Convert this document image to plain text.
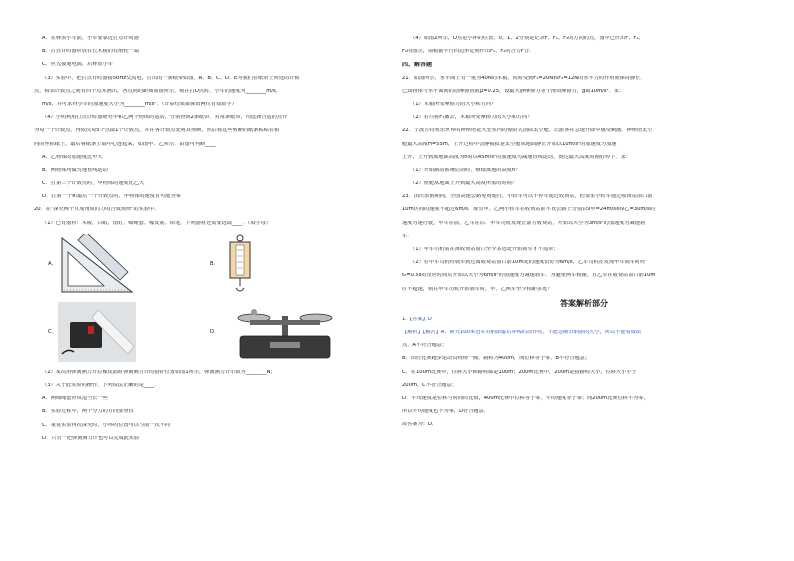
A．在释放小车前，小车要靠近打点计时器
B．打点计时器应放在长木板的有滑轮一端
C．应先接通电源，后释放小车
（3）实验中，把打点计时器接50Hz交流电，打出的一条纸带如图，A、B、C、D、E为我们在纸带上所选的计数
点，相邻计数点之间有四个点未画出，各点间的距离如图所示，则在打D点时，小车的速度为________m/s，
m/s，并可求得小车的加速度大小为________m/s²．（计算结果都保留两位有效数字）
（4）小明利用打点计时器研究甲和乙两个物体的运动，分别得到2条纸带．对每条纸带，均选择合适的点作
为每一个计数点，再依次每5个点取1个计数点，并在各计数点处将其剪断，然后将这些剪断的纸条粘贴在相
同的坐标纸上，最后将纸条上端中心连起来，如图甲、乙所示．由图可判断____
A．乙物体的加速度比甲大
B．两物体均做匀速直线运动
C．打第三个计数点时，甲物体的速度比乙大
D．打第一个和最后一个计数点时，甲物体的速度有可能为零
20．在"探究两个互成角度的力的合成规律"的实验中．
（1）已有器材：木板、白纸、图钉、细绳套、橡皮筋、铅笔，下列器材还需要选取____．（填字母）
A．	B．
C．	D．
（2）某次用弹簧测力计拉橡皮筋时弹簧测力计的指针位置如图1所示，弹簧测力计示数为________N；
（3）关于此实验的操作，下列说法正确的是____．
A．两细绳套应该适当长一些
B．实验过程中，两个分力的方向要垂直
C．重复实验再次探究时，小环的位置可以与前一次不同
D．只有一把弹簧测力计也可以完成此实验
（4）如图2所示，O点是小环的位置，0、1、2分别是记录F、F₁、F₂的方向的点，图中已作出F、F₁、
F₂的图示，请根据平行四边形定则作出F₁、F₂的合力F合．
四、解答题
21．如图所示，水平面上有一重为40N的木箱，同时受到F₁=20N和F₂=12N的水平力的作用而保持静止．
已知物体与水平面间的动摩擦因数μ=0.25，设最大静摩擦力等于滑动摩擦力，g取10m/s²．求：
（1）木箱所受摩擦力的大小和方向？
（2）若只将F₁撤去，木箱所受摩擦力的大小和方向？
22．宁波方特欢乐世界的神州塔是大型室内的惊险式国际太空舱，让游客在急速升降中感受刺激．神州塔太空
舱最大高度H=55m，上升过程中会静模拟是太空舱从地面静止开始以10m/s²的加速度匀加速
上升，上升到离地面高度为h时以45m/s²的加速度匀减速直线运动，到达最大高度时刚好停下．求：
（1）开始制动系统启动时，继续离地的高度h？
（2）座舱从地面上升到最大高度所需的时间？
23．国庆放假期间，全国高速公路免费通行，小轿车可以不停车通过收费站，但要求小轿车通过收费站窗口前
10m区间的速度不超过6m/s．现有甲、乙两小轿车在收费站前平直公路上分别以v甲=24m/s和v乙=30m/s的
速度匀速行驶，甲车在前，乙车在后．甲车司机发现正前方收费站，开始以大小为3m/s²的加速度匀减速刹
车．
（1）甲车司机需在离收费站窗口至少多远处开始刹车才不违章；
（2）若甲车司机经刹车到达离收费站窗口前10m处的速度恰好为6m/s，乙车司机在发现甲车刹车时经
t₀=0.5s的反应时间后开始以大小为6m/s²的加速度匀减速刹车．为避免两车相撞，且乙车在收费站窗口前10m
区不超速，则在甲车司机开始刹车时，甲、乙两车至少相距多远？
答案解析部分
1.【答案】D
【解析】【解答】A．研究100米冠军苏炳添最后冲线的动作时，不能忽略苏炳添的大小，所以不能看成质
点，A不符合题意；
B．田径比赛跑步运动员绕场一圈，路程为400m，而位移等于零，B不符合题意；
C．在100m比赛中，位移大小和路程都是100m；200m比赛中，200m是指路程大小，位移大小小于
200m，C不符合题意；
D．平均速度是位移与时间的比值，400m比赛中位移等于零，平均速度等于零；而200m比赛位移不为零，
所以平均速度也不为零，D符合题意．
故答案为：D．
